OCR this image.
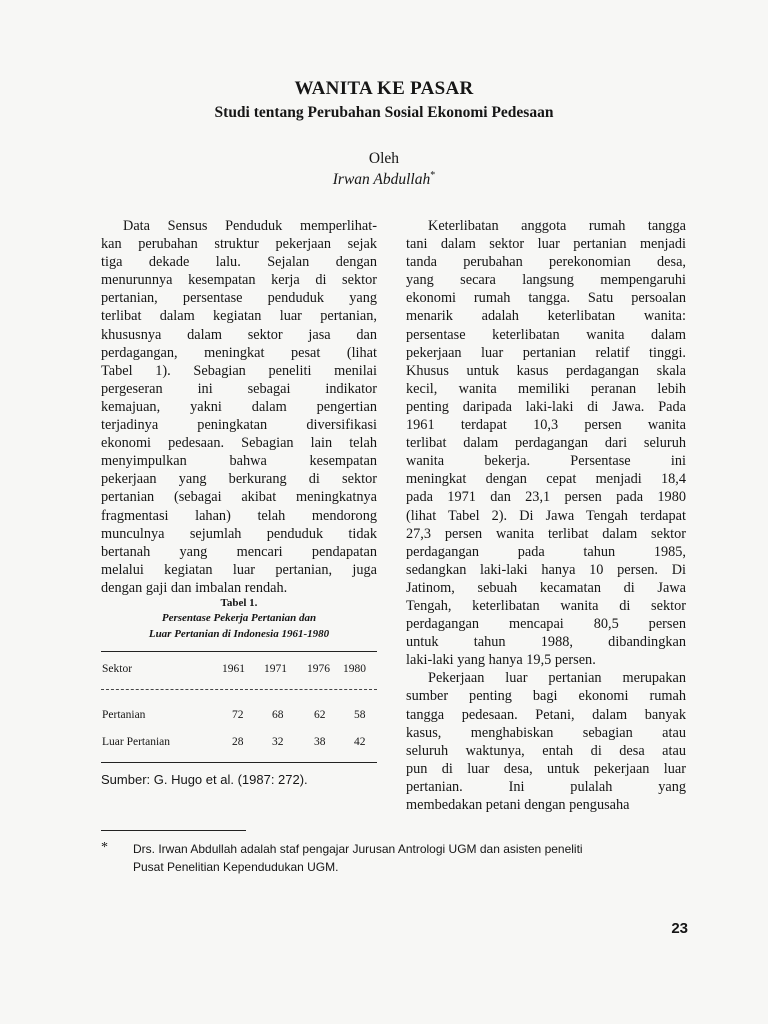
WANITA KE PASAR
Studi tentang Perubahan Sosial Ekonomi Pedesaan
Oleh
Irwan Abdullah*
Data Sensus Penduduk memperlihat-
kan perubahan struktur pekerjaan sejak
tiga dekade lalu. Sejalan dengan
menurunnya kesempatan kerja di sektor
pertanian, persentase penduduk yang
terlibat dalam kegiatan luar pertanian,
khususnya dalam sektor jasa dan
perdagangan, meningkat pesat (lihat
Tabel 1). Sebagian peneliti menilai
pergeseran ini sebagai indikator
kemajuan, yakni dalam pengertian
terjadinya peningkatan diversifikasi
ekonomi pedesaan. Sebagian lain telah
menyimpulkan bahwa kesempatan
pekerjaan yang berkurang di sektor
pertanian (sebagai akibat meningkatnya
fragmentasi lahan) telah mendorong
munculnya sejumlah penduduk tidak
bertanah yang mencari pendapatan
melalui kegiatan luar pertanian, juga
dengan gaji dan imbalan rendah.
Tabel 1.
Persentase Pekerja Pertanian dan
Luar Pertanian di Indonesia 1961-1980
Sektor	1961 1971 1976 1980
Pertanian	72 68	62 58
Luar Pertanian	28 32	38 42
Sumber: G. Hugo et al. (1987: 272).
Keterlibatan anggota rumah tangga
tani dalam sektor luar pertanian menjadi
tanda perubahan perekonomian desa,
yang secara langsung mempengaruhi
ekonomi rumah tangga. Satu persoalan
menarik adalah keterlibatan wanita:
persentase keterlibatan wanita dalam
pekerjaan luar pertanian relatif tinggi.
Khusus untuk kasus perdagangan skala
kecil, wanita memiliki peranan lebih
penting daripada laki-laki di Jawa. Pada
1961 terdapat 10,3 persen wanita
terlibat dalam perdagangan dari seluruh
wanita bekerja. Persentase ini
meningkat dengan cepat menjadi 18,4
pada 1971 dan 23,1 persen pada 1980
(lihat Tabel 2). Di Jawa Tengah terdapat
27,3 persen wanita terlibat dalam sektor
perdagangan pada tahun 1985,
sedangkan laki-laki hanya 10 persen. Di
Jatinom, sebuah kecamatan di Jawa
Tengah, keterlibatan wanita di sektor
perdagangan mencapai 80,5 persen
untuk tahun 1988, dibandingkan
laki-laki yang hanya 19,5 persen.
Pekerjaan luar pertanian merupakan
sumber penting bagi ekonomi rumah
tangga pedesaan. Petani, dalam banyak
kasus, menghabiskan sebagian atau
seluruh waktunya, entah di desa atau
pun di luar desa, untuk pekerjaan luar
pertanian. Ini pulalah yang
membedakan petani dengan pengusaha
* Drs. Irwan Abdullah adalah staf pengajar Jurusan Antrologi UGM dan asisten peneliti
Pusat Penelitian Kependudukan UGM.
23
